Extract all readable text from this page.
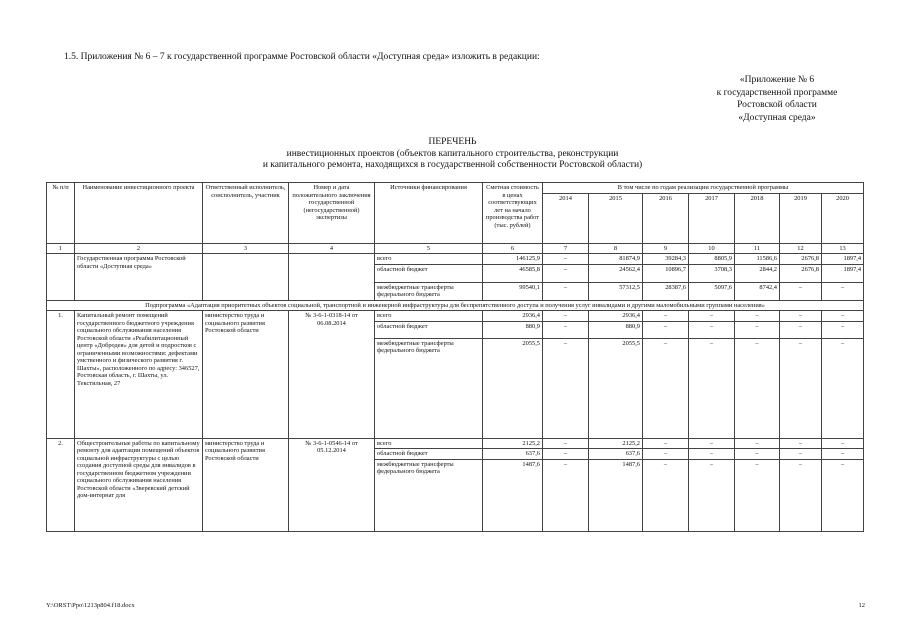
1.5. Приложения № 6 – 7 к государственной программе Ростовской области «Доступная среда» изложить в редакции:
«Приложение № 6
к государственной программе
Ростовской области
«Доступная среда»
ПЕРЕЧЕНЬ
инвестиционных проектов (объектов капитального строительства, реконструкции
и капитального ремонта, находящихся в государственной собственности Ростовской области)
№ п/п	Наименование инвестиционного проекта	Ответственный исполнитель, соисполнитель, участник	Номер и дата положительного заключения государственной (негосударственной) экспертизы	Источники финансирования	Сметная стоимость в ценах соответствующих лет на начало производства работ (тыс. рублей)	В том числе по годам реализации государственной программы						
						2014	2015	2016	2017	2018	2019	2020
1	2	3	4	5	6	7	8	9	10	11	12	13
	Государственная программа Ростовской области «Доступная среда»			всего	146125,9	–	81874,9	39284,3	8805,9	11586,6	2676,8	1897,4
				областной бюджет	46585,8	–	24562,4	10896,7	3708,3	2844,2	2676,8	1897,4
				межбюджетные трансферты федерального бюджета	99540,1	–	57312,5	28387,6	5097,6	8742,4	–	–
Подпрограмма «Адаптация приоритетных объектов социальной, транспортной и инженерной инфраструктуры для беспрепятственного доступа и получения услуг инвалидами и другими маломобильными группами населения»												
1.	Капитальный ремонт помещений государственного бюджетного учреждения социального обслуживания населения Ростовской области «Реабилитационный центр «Добродея» для детей и подростков с ограниченными возможностями: дефектами умственного и физического развития г. Шахты», расположенного по адресу: 346527, Ростовская область, г. Шахты, ул. Текстильная, 27	министерство труда и социального развития Ростовской области	№ 3-6-1-0318-14 от 06.08.2014	всего	2936,4	–	2936,4	–	–	–	–	–
				областной бюджет	880,9	–	880,9	–	–	–	–	–
				межбюджетные трансферты федерального бюджета	2055,5	–	2055,5	–	–	–	–	–
2.	Общестроительные работы по капитальному ремонту для адаптации помещений объектов социальной инфраструктуры с целью создания доступной среды для инвалидов в государственном бюджетном учреждении социального обслуживания населения Ростовской области «Зверевский детский дом-интернат для	министерство труда и социального развития Ростовской области	№ 3-6-1-0546-14 от 05.12.2014	всего	2125,2	–	2125,2	–	–	–	–	–
				областной бюджет	637,6	–	637,6	–	–	–	–	–
				межбюджетные трансферты федерального бюджета	1487,6	–	1487,6	–	–	–	–	–
Y:\ORST\Ppo\1213p804.f18.docx	12
